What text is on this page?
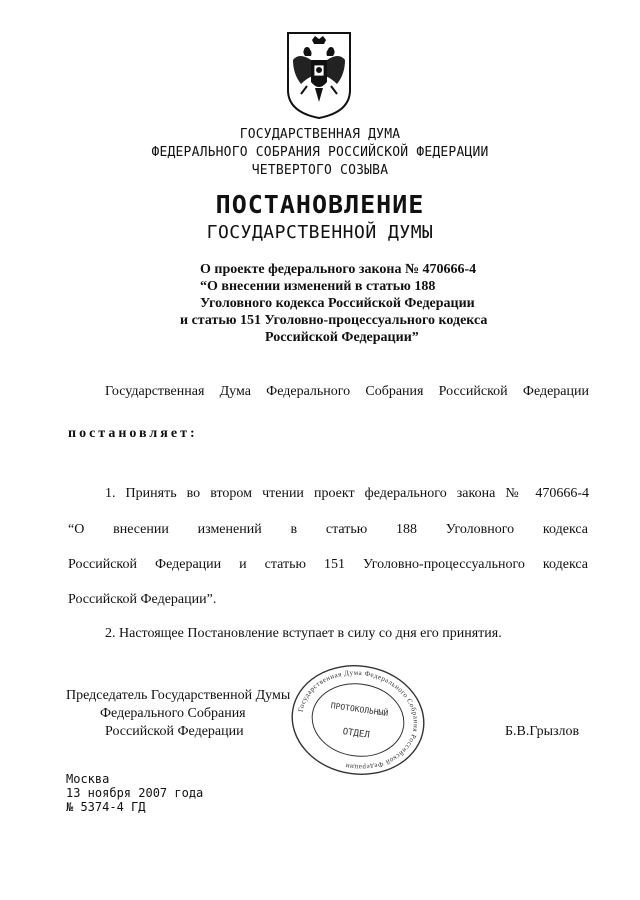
ГОСУДАРСТВЕННАЯ ДУМА
ФЕДЕРАЛЬНОГО СОБРАНИЯ РОССИЙСКОЙ ФЕДЕРАЦИИ
ЧЕТВЕРТОГО СОЗЫВА
ПОСТАНОВЛЕНИЕ
ГОСУДАРСТВЕННОЙ ДУМЫ
О проекте федерального закона № 470666-4
“О внесении изменений в статью 188
Уголовного кодекса Российской Федерации
и статью 151 Уголовно-процессуального кодекса
Российской Федерации”
Государственная Дума Федерального Собрания Российской Федерации
постановляет:
1. Принять во втором чтении проект федерального закона № 470666-4
“О внесении изменений в статью 188 Уголовного кодекса
Российской Федерации и статью 151 Уголовно-процессуального кодекса
Российской Федерации”.
2. Настоящее Постановление вступает в силу со дня его принятия.
Председатель Государственной Думы
Федерального Собрания
Российской Федерации	Б.В.Грызлов
Государственная Дума Федерального Собрания Российской Федерации
ПРОТОКОЛЬНЫЙ
ОТДЕЛ
Москва
13 ноября 2007 года
№ 5374-4 ГД
